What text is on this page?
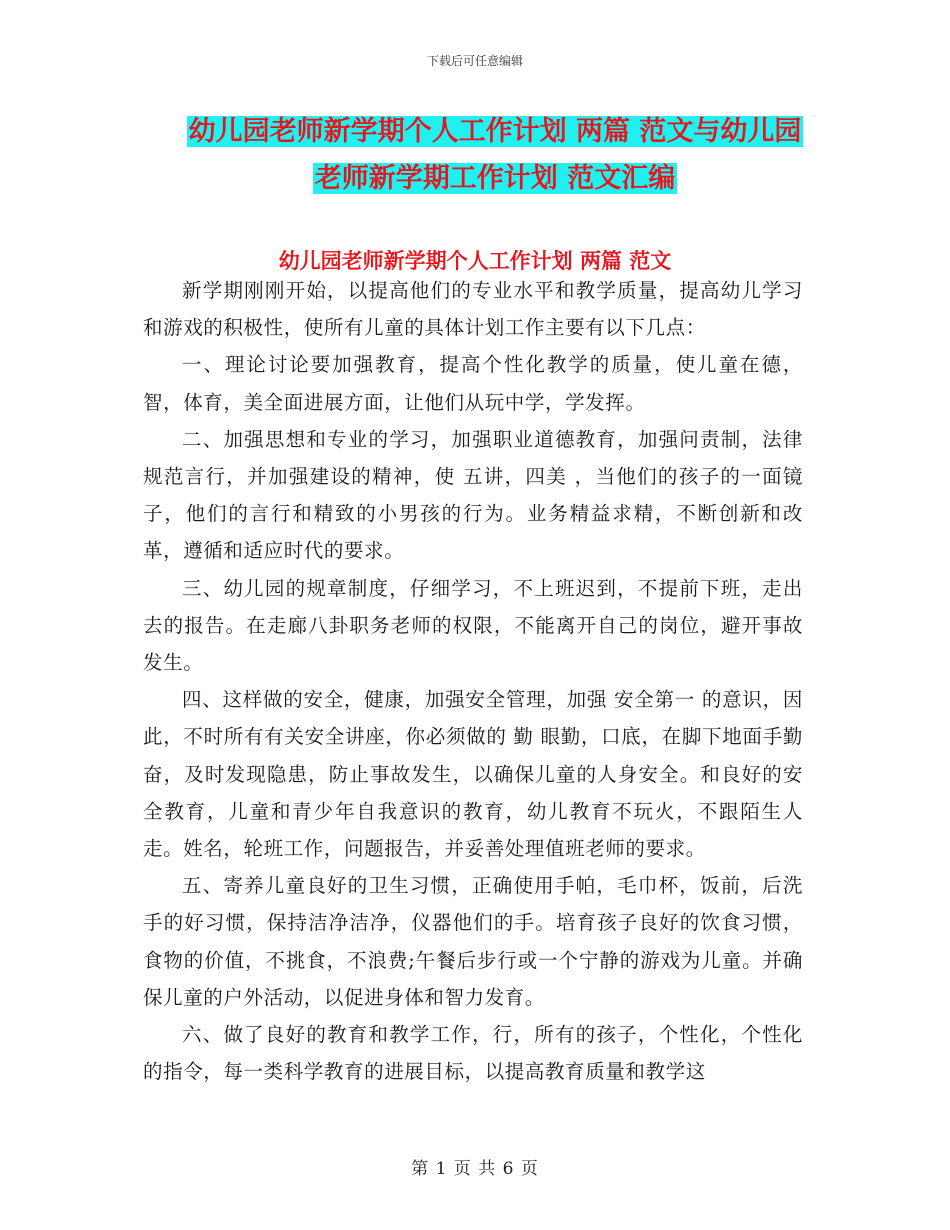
下载后可任意编辑
幼儿园老师新学期个人工作计划 两篇 范文与幼儿园
老师新学期工作计划 范文汇编
幼儿园老师新学期个人工作计划 两篇 范文

新学期刚刚开始，以提高他们的专业水平和教学质量，提高幼儿学习和游戏的积极性，使所有儿童的具体计划工作主要有以下几点：

一、理论讨论要加强教育，提高个性化教学的质量，使儿童在德，智，体育，美全面进展方面，让他们从玩中学，学发挥。

二、加强思想和专业的学习，加强职业道德教育，加强问责制，法律规范言行，并加强建设的精神，使 五讲，四美 ，当他们的孩子的一面镜子，他们的言行和精致的小男孩的行为。业务精益求精，不断创新和改革，遵循和适应时代的要求。

三、幼儿园的规章制度，仔细学习，不上班迟到，不提前下班，走出去的报告。在走廊八卦职务老师的权限，不能离开自己的岗位，避开事故发生。

四、这样做的安全，健康，加强安全管理，加强 安全第一 的意识，因此，不时所有有关安全讲座，你必须做的 勤 眼勤，口底，在脚下地面手勤奋，及时发现隐患，防止事故发生，以确保儿童的人身安全。和良好的安全教育，儿童和青少年自我意识的教育，幼儿教育不玩火，不跟陌生人走。姓名，轮班工作，问题报告，并妥善处理值班老师的要求。

五、寄养儿童良好的卫生习惯，正确使用手帕，毛巾杯，饭前，后洗手的好习惯，保持洁净洁净，仪器他们的手。培育孩子良好的饮食习惯，食物的价值，不挑食，不浪费;午餐后步行或一个宁静的游戏为儿童。并确保儿童的户外活动，以促进身体和智力发育。

六、做了良好的教育和教学工作，行，所有的孩子，个性化，个性化的指令，每一类科学教育的进展目标，以提高教育质量和教学这

第 1 页 共 6 页
